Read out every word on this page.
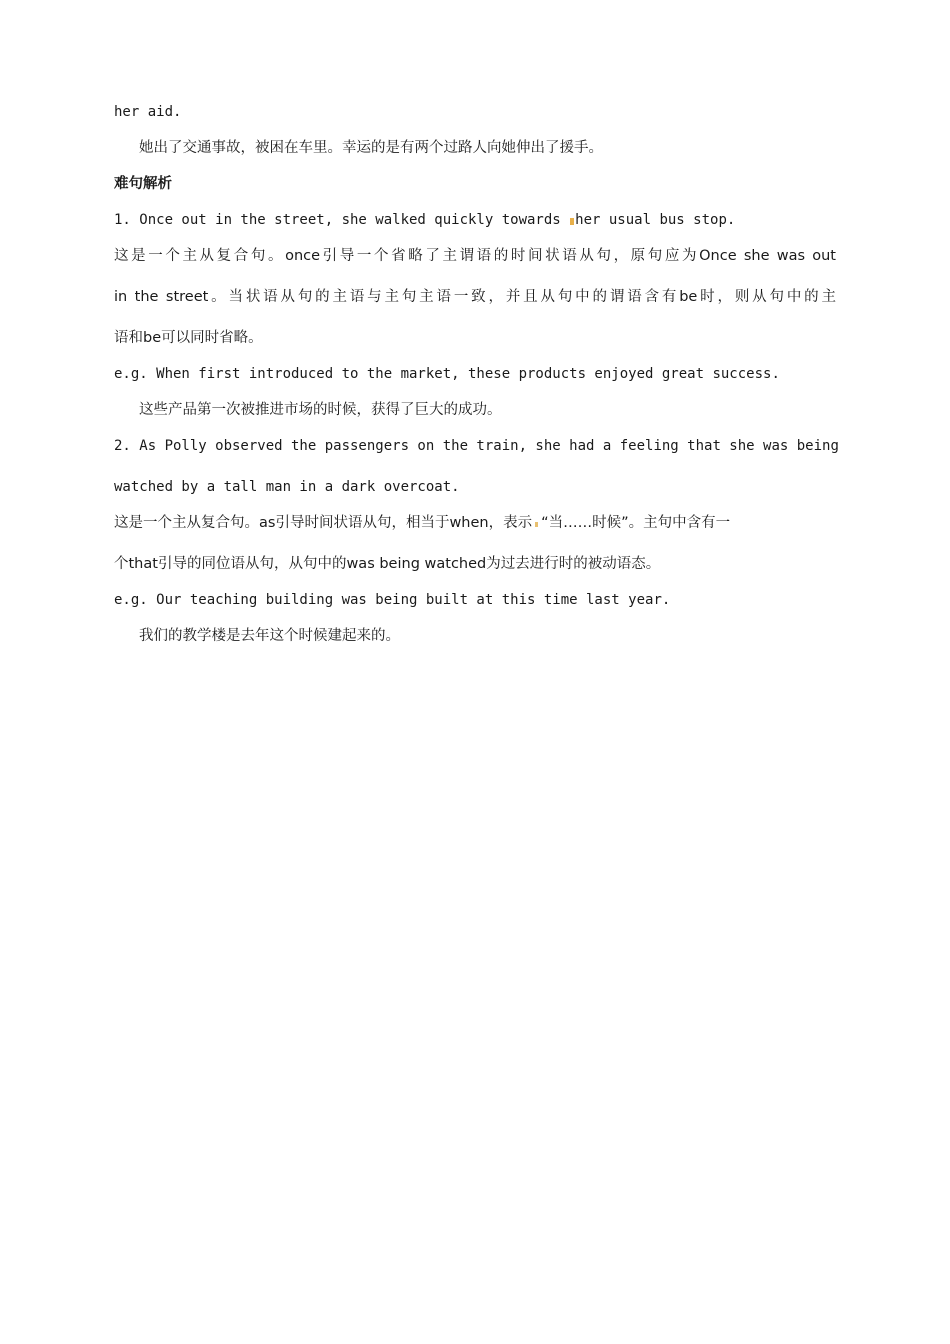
her aid.
她出了交通事故，被困在车里。幸运的是有两个过路人向她伸出了援手。
难句解析
1. Once out in the street, she walked quickly towards her usual bus stop.
这是一个主从复合句。once引导一个省略了主谓语的时间状语从句，原句应为Once she was out
in the street。当状语从句的主语与主句主语一致，并且从句中的谓语含有be时，则从句中的主
语和be可以同时省略。
e.g. When first introduced to the market, these products enjoyed great success.
这些产品第一次被推进市场的时候，获得了巨大的成功。
2. As Polly observed the passengers on the train, she had a feeling that she was being
watched by a tall man in a dark overcoat.
这是一个主从复合句。as引导时间状语从句，相当于when，表示 “当……时候”。主句中含有一
个that引导的同位语从句，从句中的was being watched为过去进行时的被动语态。
e.g. Our teaching building was being built at this time last year.
我们的教学楼是去年这个时候建起来的。
